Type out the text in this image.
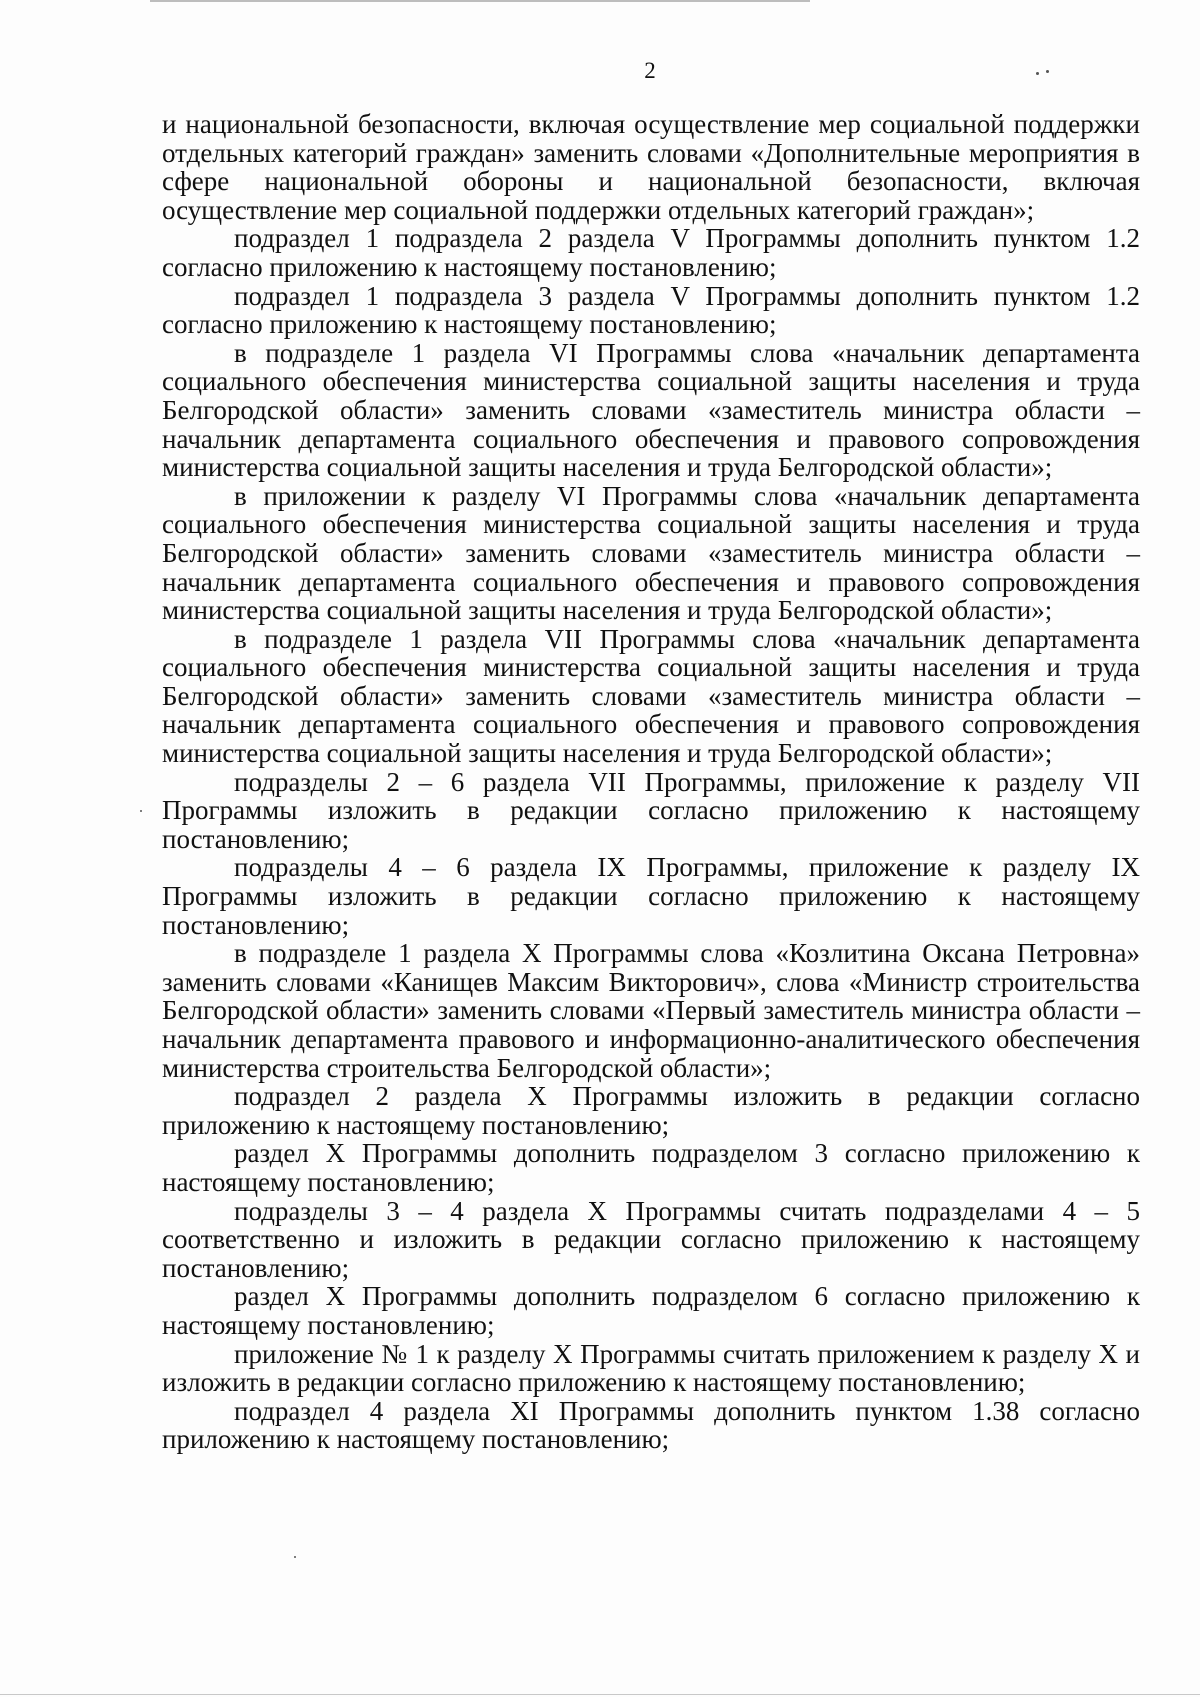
2

и национальной безопасности, включая осуществление мер социальной поддержки отдельных категорий граждан» заменить словами «Дополнительные мероприятия в сфере национальной обороны и национальной безопасности, включая осуществление мер социальной поддержки отдельных категорий граждан»;

подраздел 1 подраздела 2 раздела V Программы дополнить пунктом 1.2 согласно приложению к настоящему постановлению;

подраздел 1 подраздела 3 раздела V Программы дополнить пунктом 1.2 согласно приложению к настоящему постановлению;

в подразделе 1 раздела VI Программы слова «начальник департамента социального обеспечения министерства социальной защиты населения и труда Белгородской области» заменить словами «заместитель министра области – начальник департамента социального обеспечения и правового сопровождения министерства социальной защиты населения и труда Белгородской области»;

в приложении к разделу VI Программы слова «начальник департамента социального обеспечения министерства социальной защиты населения и труда Белгородской области» заменить словами «заместитель министра области – начальник департамента социального обеспечения и правового сопровождения министерства социальной защиты населения и труда Белгородской области»;

в подразделе 1 раздела VII Программы слова «начальник департамента социального обеспечения министерства социальной защиты населения и труда Белгородской области» заменить словами «заместитель министра области – начальник департамента социального обеспечения и правового сопровождения министерства социальной защиты населения и труда Белгородской области»;

подразделы 2 – 6 раздела VII Программы, приложение к разделу VII Программы изложить в редакции согласно приложению к настоящему постановлению;

подразделы 4 – 6 раздела IX Программы, приложение к разделу IX Программы изложить в редакции согласно приложению к настоящему постановлению;

в подразделе 1 раздела X Программы слова «Козлитина Оксана Петровна» заменить словами «Канищев Максим Викторович», слова «Министр строительства Белгородской области» заменить словами «Первый заместитель министра области – начальник департамента правового и информационно-аналитического обеспечения министерства строительства Белгородской области»;

подраздел 2 раздела X Программы изложить в редакции согласно приложению к настоящему постановлению;

раздел X Программы дополнить подразделом 3 согласно приложению к настоящему постановлению;

подразделы 3 – 4 раздела X Программы считать подразделами 4 – 5 соответственно и изложить в редакции согласно приложению к настоящему постановлению;

раздел X Программы дополнить подразделом 6 согласно приложению к настоящему постановлению;

приложение № 1 к разделу X Программы считать приложением к разделу X и изложить в редакции согласно приложению к настоящему постановлению;

подраздел 4 раздела XI Программы дополнить пунктом 1.38 согласно приложению к настоящему постановлению;
